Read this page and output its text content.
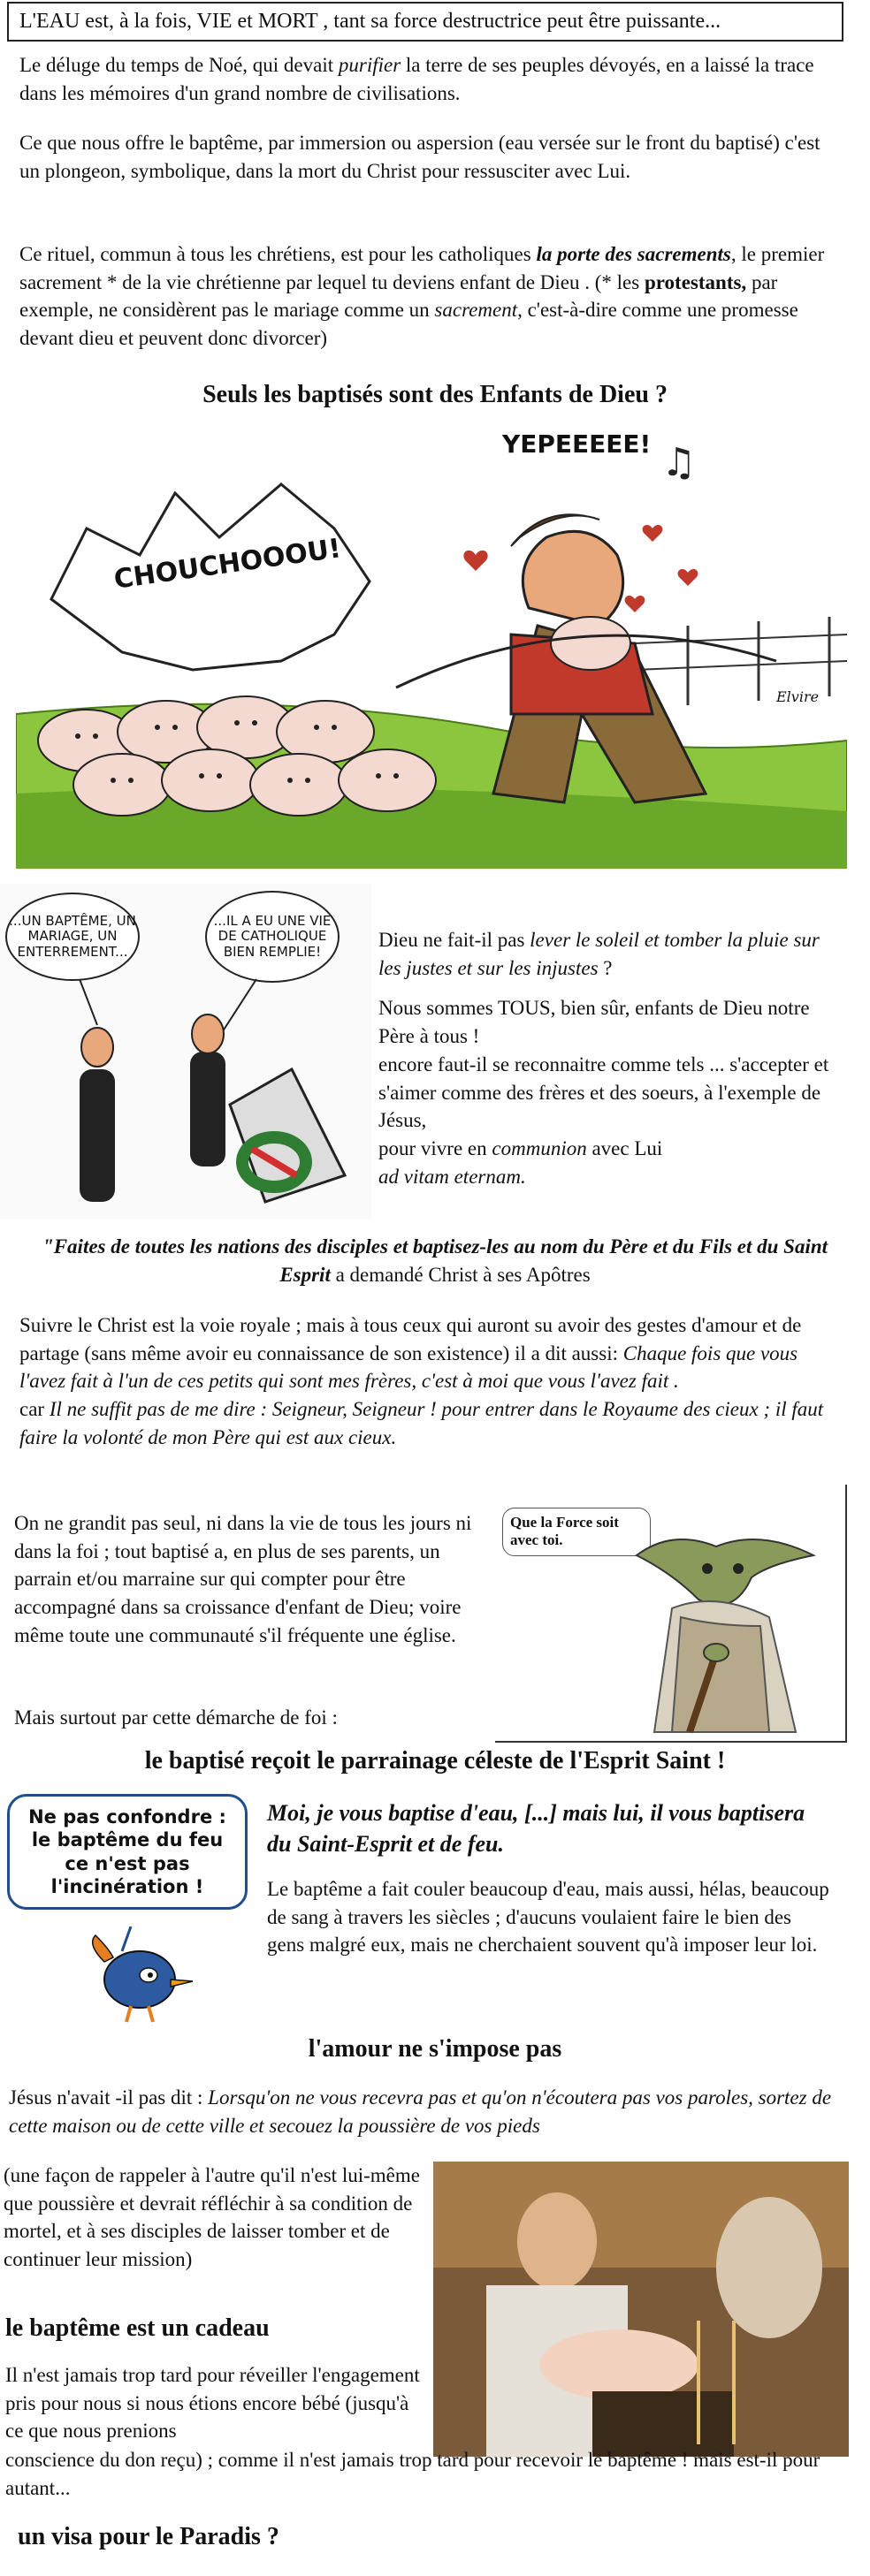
L'EAU est, à la fois, VIE et MORT , tant sa force destructrice peut être puissante...

Le déluge du temps de Noé, qui devait purifier la terre de ses peuples dévoyés, en a laissé la trace dans les mémoires d'un grand nombre de civilisations.

Ce que nous offre le baptême, par immersion ou aspersion (eau versée sur le front du baptisé) c'est un plongeon, symbolique, dans la mort du Christ pour ressusciter avec Lui.

Ce rituel, commun à tous les chrétiens, est pour les catholiques la porte des sacrements, le premier sacrement * de la vie chrétienne par lequel tu deviens enfant de Dieu . (* les protestants, par exemple, ne considèrent pas le mariage comme un sacrement, c'est-à-dire comme une promesse devant dieu et peuvent donc divorcer)

Seuls les baptisés sont des Enfants de Dieu ?
♫
CHOUCHOOOU!
YEPEEEEE!
Elvire
...UN BAPTÊME, UN MARIAGE, UN ENTERREMENT...
...IL A EU UNE VIE DE CATHOLIQUE BIEN REMPLIE!

Dieu ne fait-il pas lever le soleil et tomber la pluie sur les justes et sur les injustes ?

Nous sommes TOUS, bien sûr, enfants de Dieu notre Père à tous !

encore faut-il se reconnaitre comme tels ... s'accepter et s'aimer comme des frères et des soeurs, à l'exemple de Jésus,

pour vivre en communion avec Lui

ad vitam eternam.

"Faites de toutes les nations des disciples et baptisez-les au nom du Père et du Fils et du Saint Esprit a demandé Christ à ses Apôtres

Suivre le Christ est la voie royale ; mais à tous ceux qui auront su avoir des gestes d'amour et de partage (sans même avoir eu connaissance de son existence) il a dit aussi: Chaque fois que vous l'avez fait à l'un de ces petits qui sont mes frères, c'est à moi que vous l'avez fait .
car Il ne suffit pas de me dire : Seigneur, Seigneur ! pour entrer dans le Royaume des cieux ; il faut faire la volonté de mon Père qui est aux cieux.

On ne grandit pas seul, ni dans la vie de tous les jours ni dans la foi ; tout baptisé a, en plus de ses parents, un parrain et/ou marraine sur qui compter pour être accompagné dans sa croissance d'enfant de Dieu; voire même toute une communauté s'il fréquente une église.

Que la Force soit avec toi.

Mais surtout par cette démarche de foi :

le baptisé reçoit le parrainage céleste de l'Esprit Saint !
Ne pas confondre : le baptême du feu ce n'est pas l'incinération !

Moi, je vous baptise d'eau, [...] mais lui, il vous baptisera du Saint-Esprit et de feu.

Le baptême a fait couler beaucoup d'eau, mais aussi, hélas, beaucoup de sang à travers les siècles ; d'aucuns voulaient faire le bien des gens malgré eux, mais ne cherchaient souvent qu'à imposer leur loi.

l'amour ne s'impose pas

Jésus n'avait -il pas dit : Lorsqu'on ne vous recevra pas et qu'on n'écoutera pas vos paroles, sortez de cette maison ou de cette ville et secouez la poussière de vos pieds

(une façon de rappeler à l'autre qu'il n'est lui-même que poussière et devrait réfléchir à sa condition de mortel, et à ses disciples de laisser tomber et de continuer leur mission)

le baptême est un cadeau

Il n'est jamais trop tard pour réveiller l'engagement pris pour nous si nous étions encore bébé (jusqu'à ce que nous prenions

conscience du don reçu) ; comme il n'est jamais trop tard pour recevoir le baptême ! mais est-il pour autant...

un visa pour le Paradis ?
